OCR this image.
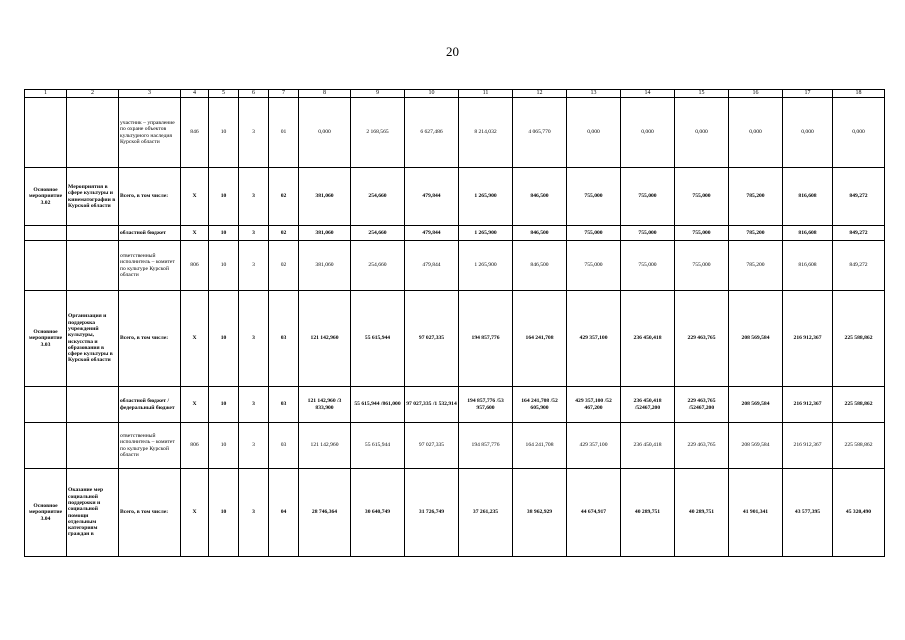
20
1	2	3	4	5	6	7	8	9	10	11	12	13	14	15	16	17	18
		участник – управление по охране объектов культурного наследия Курской области	846	10	3	01	0,000	2 168,565	6 627,486	8 214,032	4 065,770	0,000	0,000	0,000	0,000	0,000	0,000
Основное мероприятие 3.02	Мероприятия в сфере культуры и кинематографии в Курской области	Всего, в том числе:	X	10	3	02	381,060	254,660	479,844	1 265,900	846,500	755,000	755,000	755,000	785,200	816,608	849,272
		областной бюджет	X	10	3	02	381,060	254,660	479,844	1 265,900	846,500	755,000	755,000	755,000	785,200	816,608	849,272
		ответственный исполнитель – комитет по культуре Курской области	806	10	3	02	381,060	254,660	479,844	1 265,900	846,500	755,000	755,000	755,000	785,200	816,608	849,272
Основное мероприятие 3.03	Организация и поддержка учреждений культуры, искусства и образования в сфере культуры в Курской области	Всего, в том числе:	X	10	3	03	121 142,960	55 615,944	97 027,335	194 857,776	164 241,708	429 357,100	236 450,418	229 463,765	208 569,584	216 912,367	225 588,862
		областной бюджет /федеральный бюджет	X	10	3	03	121 142,960 /3 833,900	55 615,944 /861,000	97 027,335 /1 532,914	194 857,776 /53 957,600	164 241,708 /52 605,900	429 357,100 /52 467,200	236 450,418 /52467,200	229 463,765 /52467,200	208 569,584	216 912,367	225 588,862
		ответственный исполнитель – комитет по культуре Курской области	806	10	3	03	121 142,960	55 615,944	97 027,335	194 857,776	164 241,708	429 357,100	236 450,418	229 463,765	208 569,584	216 912,367	225 588,862
Основное мероприятие 3.04	Оказание мер социальной поддержки и социальной помощи отдельным категориям граждан в	Всего, в том числе:	X	10	3	04	28 746,364	30 640,749	31 726,749	37 261,235	38 962,929	44 674,917	40 289,751	40 289,751	41 901,341	43 577,395	45 320,490
